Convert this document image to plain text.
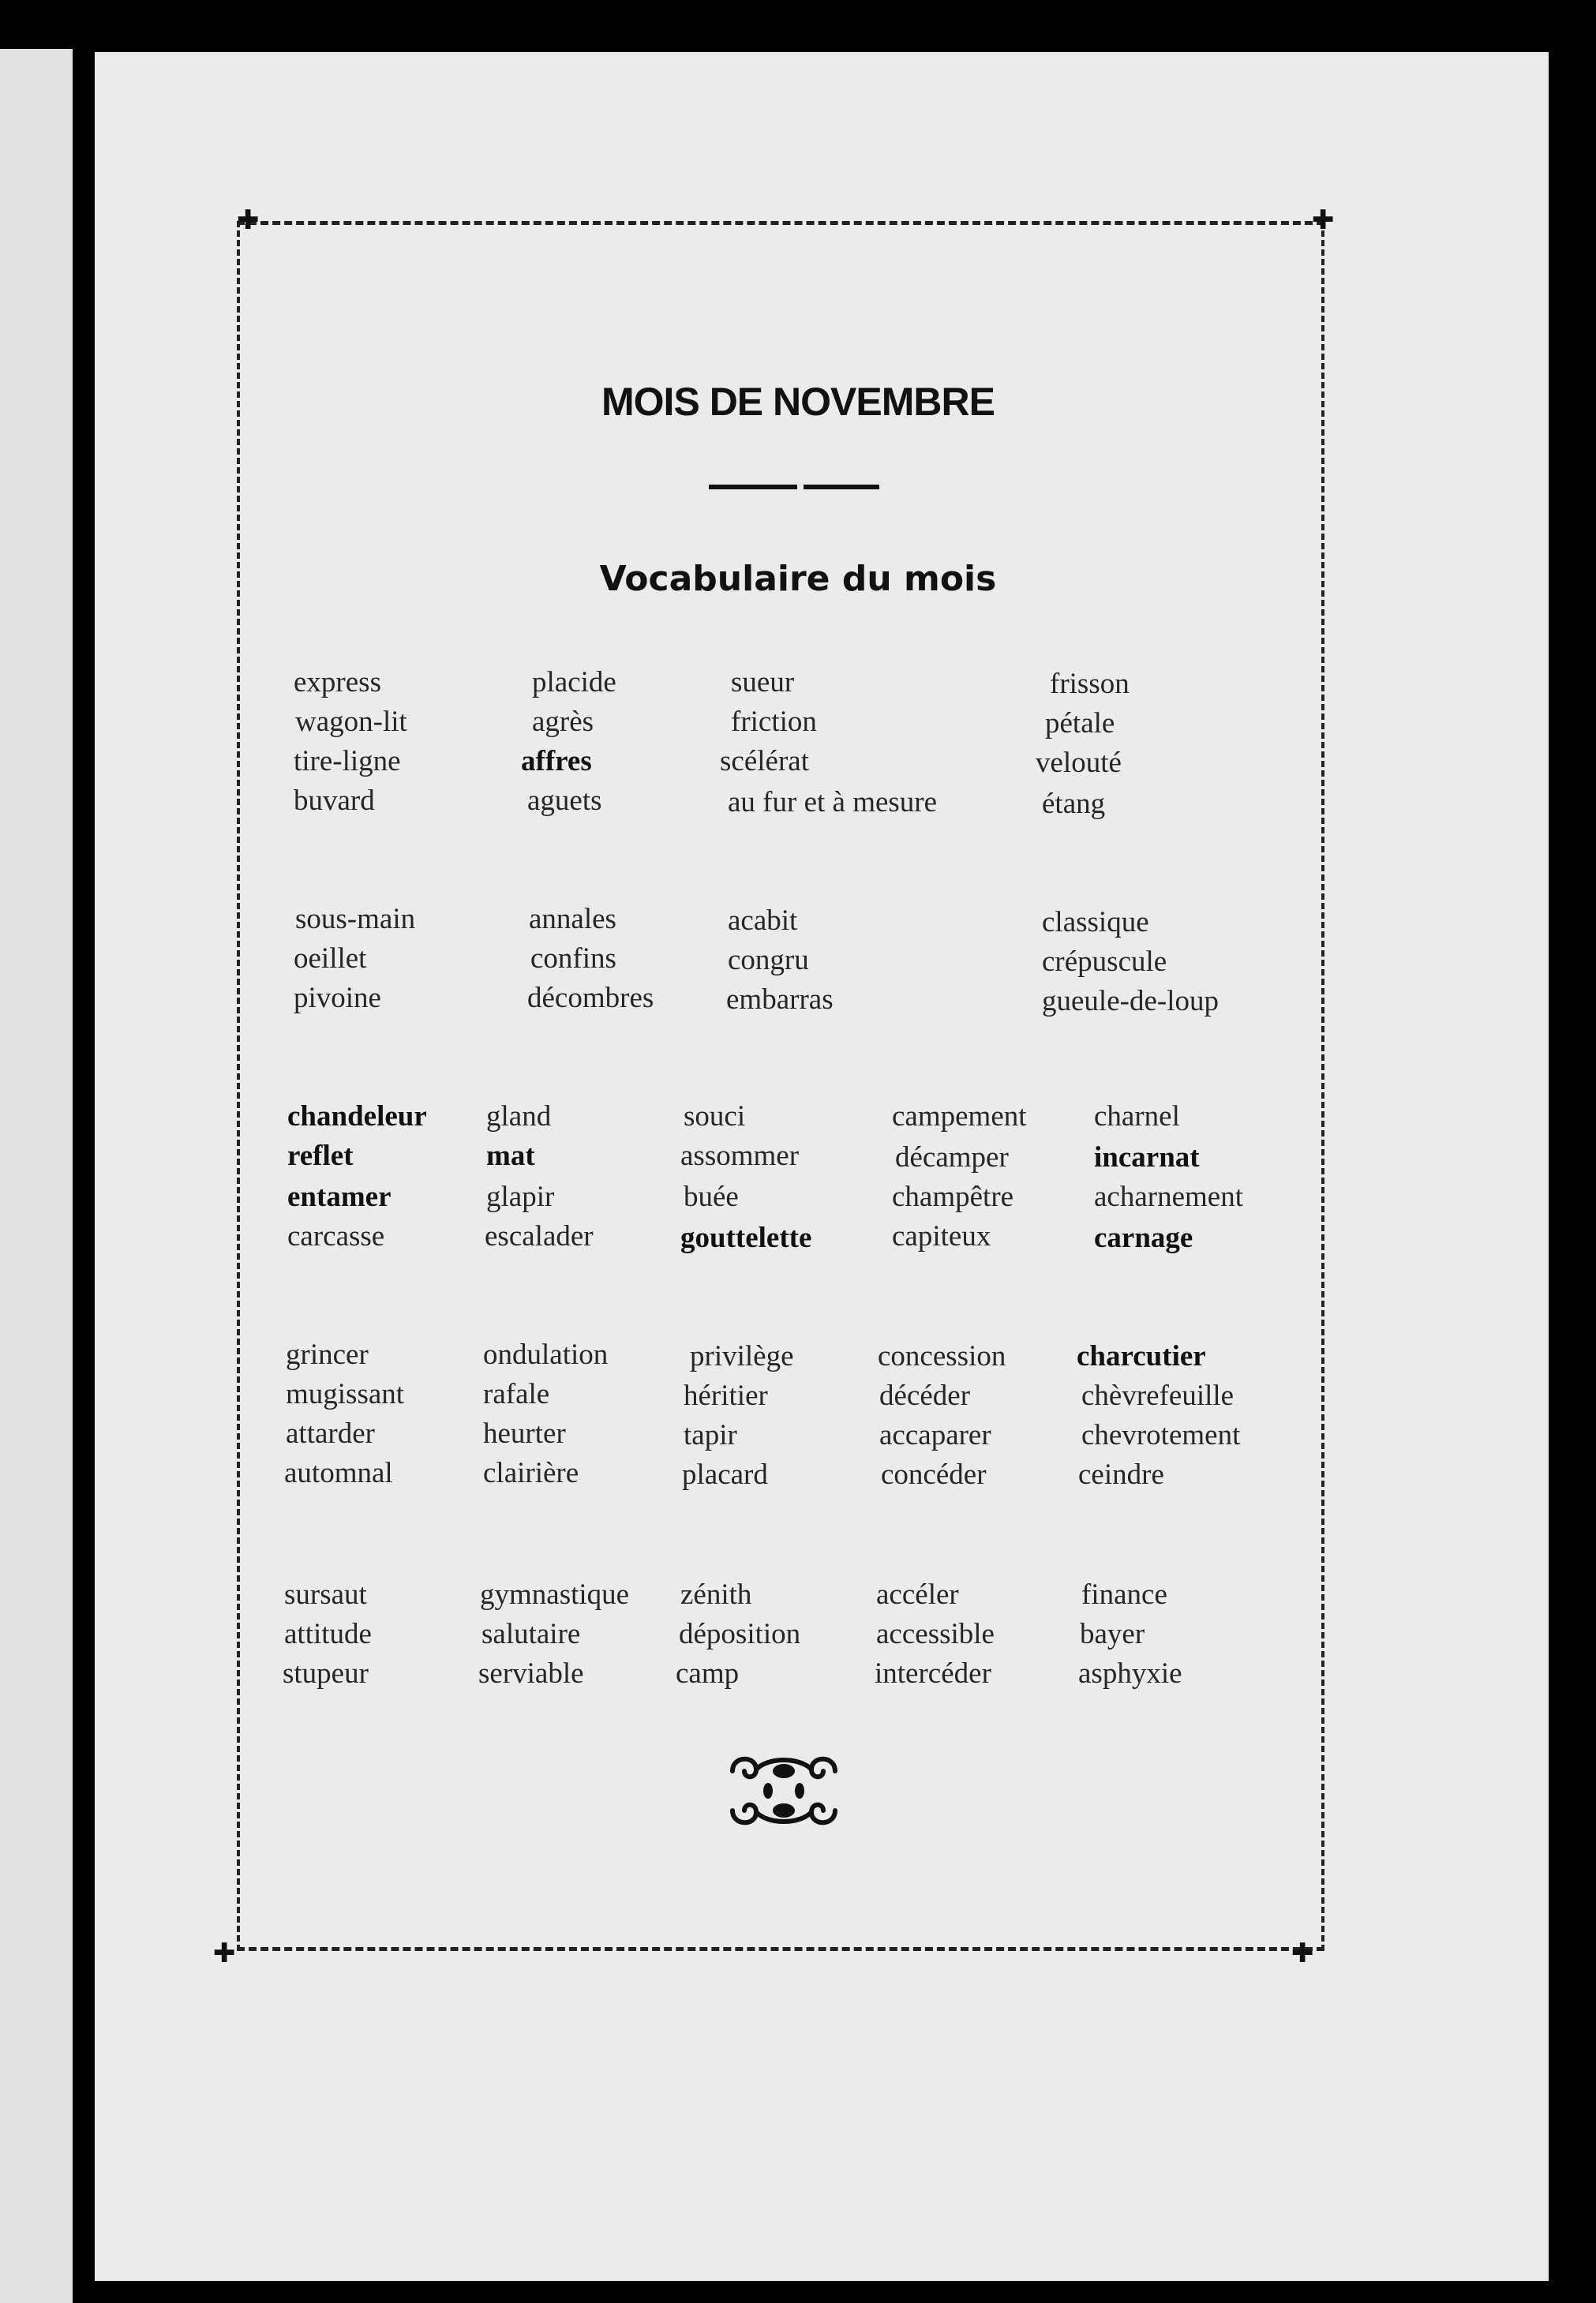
✚	✚
✚	✚
MOIS DE NOVEMBRE
Vocabulaire du mois
express
wagon-lit
tire-ligne
buvard
placide
agrès
affres
aguets
sueur
friction
scélérat
au fur et à mesure
frisson
pétale
velouté
étang
sous-main
oeillet
pivoine
annales
confins
décombres
acabit
congru
embarras
classique
crépuscule
gueule-de-loup
chandeleur
reflet
entamer
carcasse
gland
mat
glapir
escalader
souci
assommer
buée
gouttelette
campement
décamper
champêtre
capiteux
charnel
incarnat
acharnement
carnage
grincer
mugissant
attarder
automnal
ondulation
rafale
heurter
clairière
privilège
héritier
tapir
placard
concession
décéder
accaparer
concéder
charcutier
chèvrefeuille
chevrotement
ceindre
sursaut
attitude
stupeur
gymnastique
salutaire
serviable
zénith
déposition
camp
accéler
accessible
intercéder
finance
bayer
asphyxie
